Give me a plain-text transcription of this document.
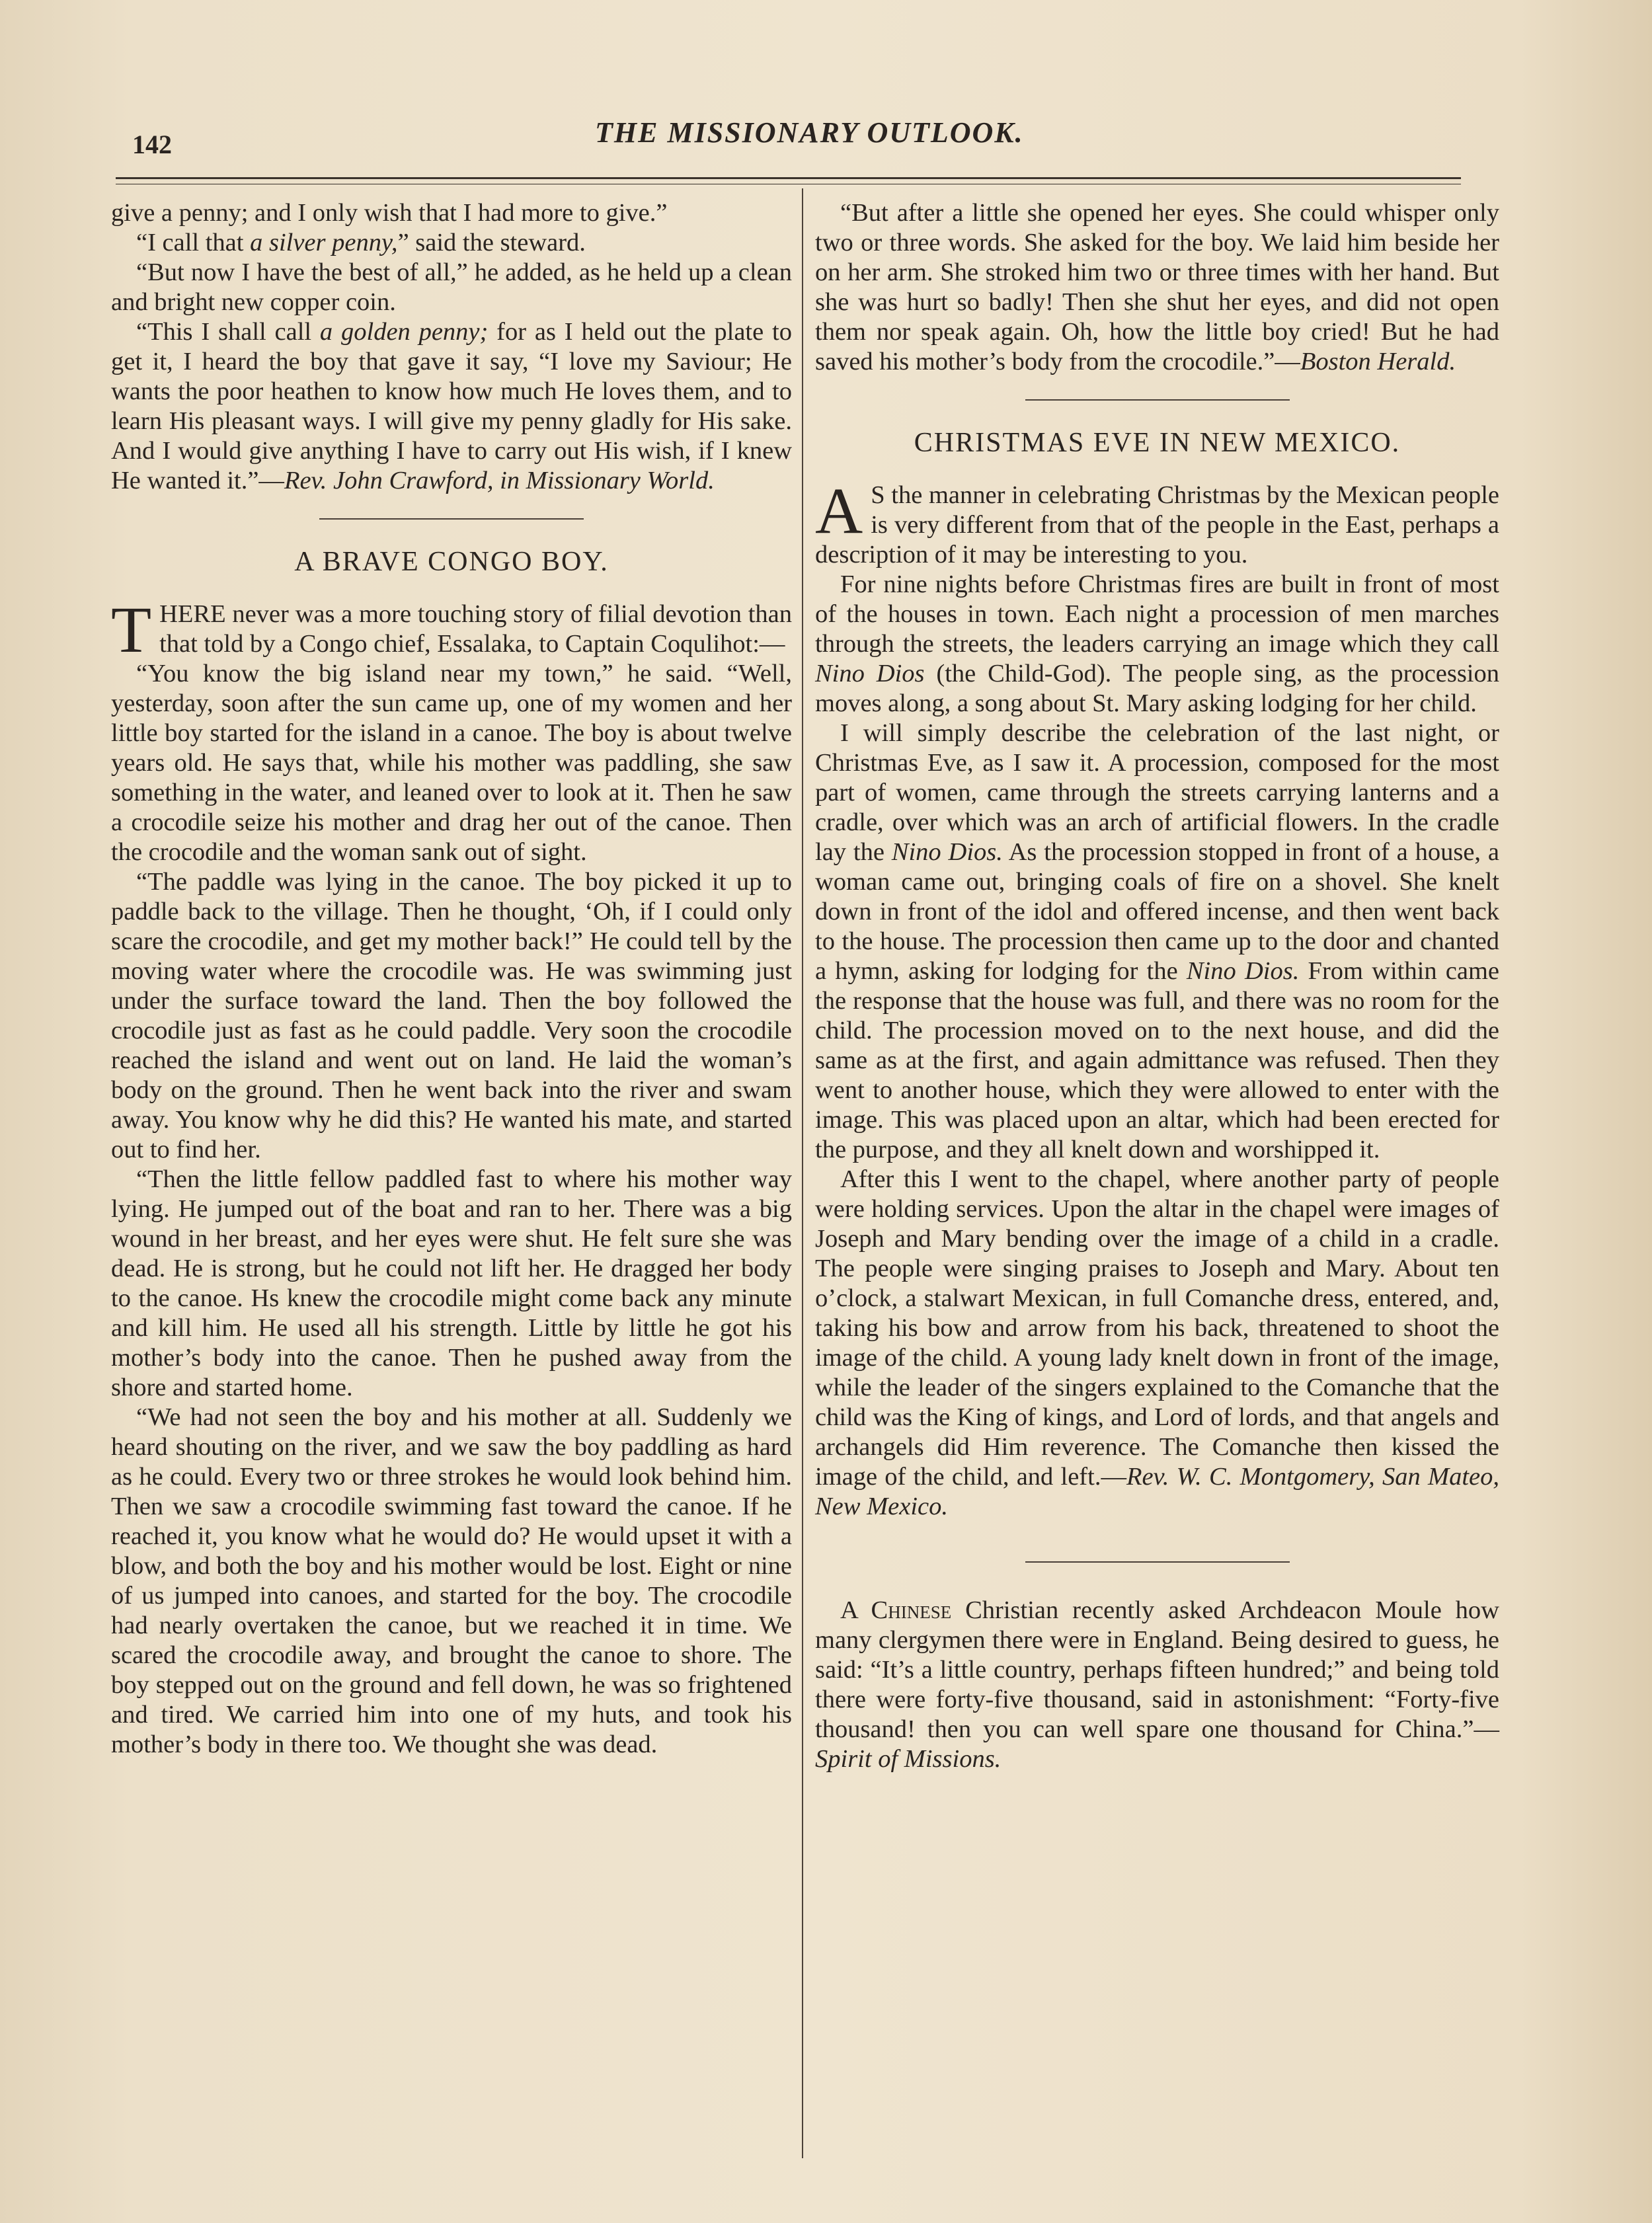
142	THE MISSIONARY OUTLOOK.

give a penny; and I only wish that I had more to give.”

“I call that a silver penny,” said the steward.

“But now I have the best of all,” he added, as he held up a clean and bright new copper coin.

“This I shall call a golden penny; for as I held out the plate to get it, I heard the boy that gave it say, “I love my Saviour; He wants the poor heathen to know how much He loves them, and to learn His pleasant ways. I will give my penny gladly for His sake. And I would give anything I have to carry out His wish, if I knew He wanted it.”—Rev. John Crawford, in Missionary World.

A BRAVE CONGO BOY.

THERE never was a more touching story of filial devotion than that told by a Congo chief, Essalaka, to Captain Coqulihot:—

“You know the big island near my town,” he said. “Well, yesterday, soon after the sun came up, one of my women and her little boy started for the island in a canoe. The boy is about twelve years old. He says that, while his mother was paddling, she saw something in the water, and leaned over to look at it. Then he saw a crocodile seize his mother and drag her out of the canoe. Then the crocodile and the woman sank out of sight.

“The paddle was lying in the canoe. The boy picked it up to paddle back to the village. Then he thought, ‘Oh, if I could only scare the crocodile, and get my mother back!” He could tell by the moving water where the crocodile was. He was swimming just under the surface toward the land. Then the boy followed the crocodile just as fast as he could paddle. Very soon the crocodile reached the island and went out on land. He laid the woman’s body on the ground. Then he went back into the river and swam away. You know why he did this? He wanted his mate, and started out to find her.

“Then the little fellow paddled fast to where his mother way lying. He jumped out of the boat and ran to her. There was a big wound in her breast, and her eyes were shut. He felt sure she was dead. He is strong, but he could not lift her. He dragged her body to the canoe. Hs knew the crocodile might come back any minute and kill him. He used all his strength. Little by little he got his mother’s body into the canoe. Then he pushed away from the shore and started home.

“We had not seen the boy and his mother at all. Suddenly we heard shouting on the river, and we saw the boy paddling as hard as he could. Every two or three strokes he would look behind him. Then we saw a crocodile swimming fast toward the canoe. If he reached it, you know what he would do? He would upset it with a blow, and both the boy and his mother would be lost. Eight or nine of us jumped into canoes, and started for the boy. The crocodile had nearly overtaken the canoe, but we reached it in time. We scared the crocodile away, and brought the canoe to shore. The boy stepped out on the ground and fell down, he was so frightened and tired. We carried him into one of my huts, and took his mother’s body in there too. We thought she was dead.

“But after a little she opened her eyes. She could whisper only two or three words. She asked for the boy. We laid him beside her on her arm. She stroked him two or three times with her hand. But she was hurt so badly! Then she shut her eyes, and did not open them nor speak again. Oh, how the little boy cried! But he had saved his mother’s body from the crocodile.”—Boston Herald.

CHRISTMAS EVE IN NEW MEXICO.

A S the manner in celebrating Christmas by the Mexican people is very different from that of the people in the East, perhaps a description of it may be interesting to you.

For nine nights before Christmas fires are built in front of most of the houses in town. Each night a procession of men marches through the streets, the leaders carrying an image which they call Nino Dios (the Child-God). The people sing, as the procession moves along, a song about St. Mary asking lodging for her child.

I will simply describe the celebration of the last night, or Christmas Eve, as I saw it. A procession, composed for the most part of women, came through the streets carrying lanterns and a cradle, over which was an arch of artificial flowers. In the cradle lay the Nino Dios. As the procession stopped in front of a house, a woman came out, bringing coals of fire on a shovel. She knelt down in front of the idol and offered incense, and then went back to the house. The procession then came up to the door and chanted a hymn, asking for lodging for the Nino Dios. From within came the response that the house was full, and there was no room for the child. The procession moved on to the next house, and did the same as at the first, and again admittance was refused. Then they went to another house, which they were allowed to enter with the image. This was placed upon an altar, which had been erected for the purpose, and they all knelt down and worshipped it.

After this I went to the chapel, where another party of people were holding services. Upon the altar in the chapel were images of Joseph and Mary bending over the image of a child in a cradle. The people were singing praises to Joseph and Mary. About ten o’clock, a stalwart Mexican, in full Comanche dress, entered, and, taking his bow and arrow from his back, threatened to shoot the image of the child. A young lady knelt down in front of the image, while the leader of the singers explained to the Comanche that the child was the King of kings, and Lord of lords, and that angels and archangels did Him reverence. The Comanche then kissed the image of the child, and left.—Rev. W. C. Montgomery, San Mateo, New Mexico.

A Chinese Christian recently asked Archdeacon Moule how many clergymen there were in England. Being desired to guess, he said: “It’s a little country, perhaps fifteen hundred;” and being told there were forty-five thousand, said in astonishment: “Forty-five thousand! then you can well spare one thousand for China.”—Spirit of Missions.
